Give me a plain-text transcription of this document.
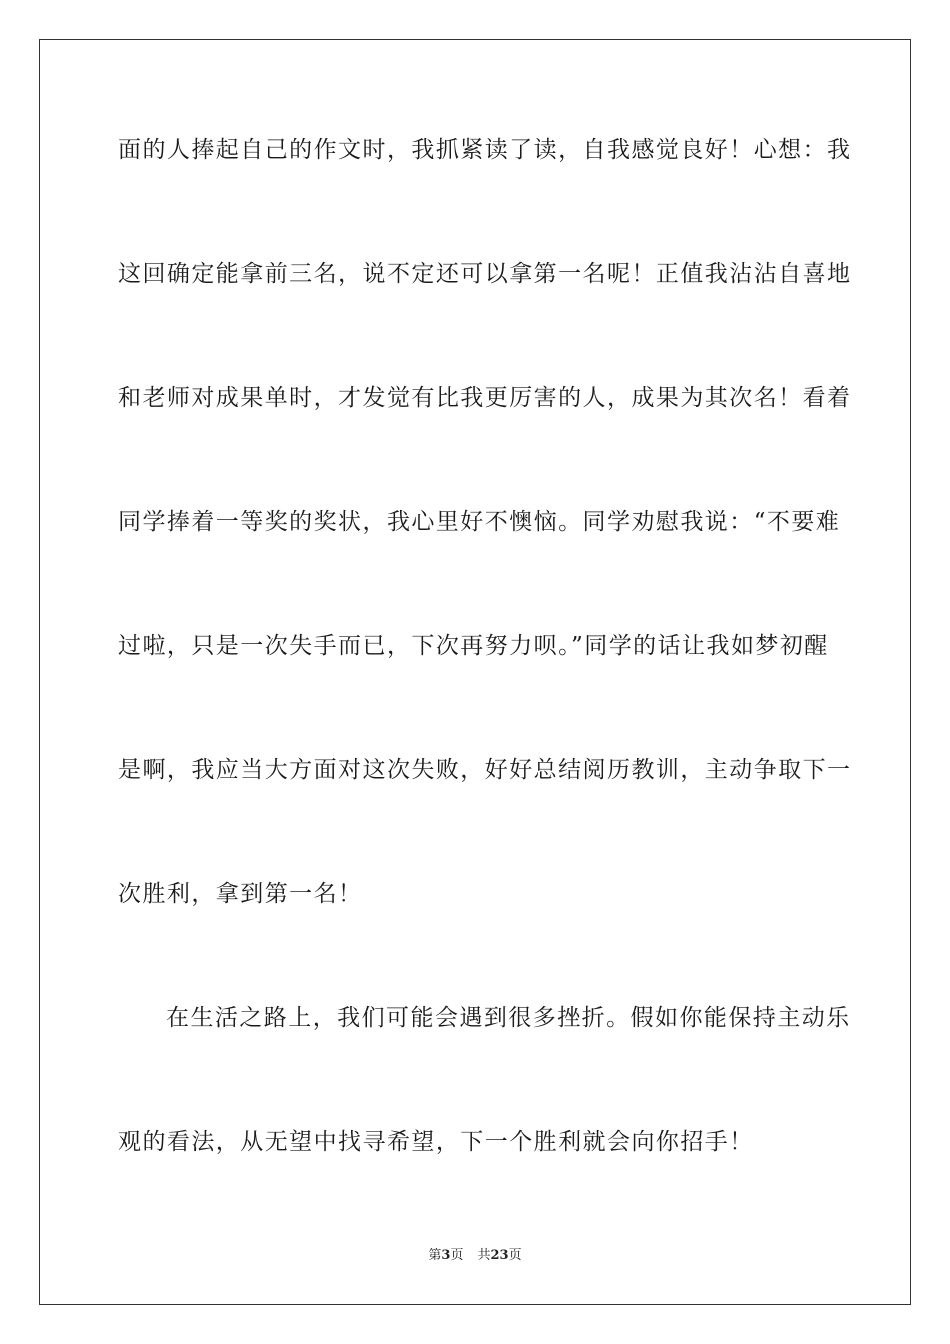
面的人捧起自己的作文时，我抓紧读了读，自我感觉良好！心想：我
这回确定能拿前三名，说不定还可以拿第一名呢！正值我沾沾自喜地
和老师对成果单时，才发觉有比我更厉害的人，成果为其次名！看着
同学捧着一等奖的奖状，我心里好不懊恼。同学劝慰我说：“不要难
过啦，只是一次失手而已，下次再努力呗。”同学的话让我如梦初醒
是啊，我应当大方面对这次失败，好好总结阅历教训，主动争取下一
次胜利，拿到第一名！
在生活之路上，我们可能会遇到很多挫折。假如你能保持主动乐
观的看法，从无望中找寻希望，下一个胜利就会向你招手！
第3页 共23页
